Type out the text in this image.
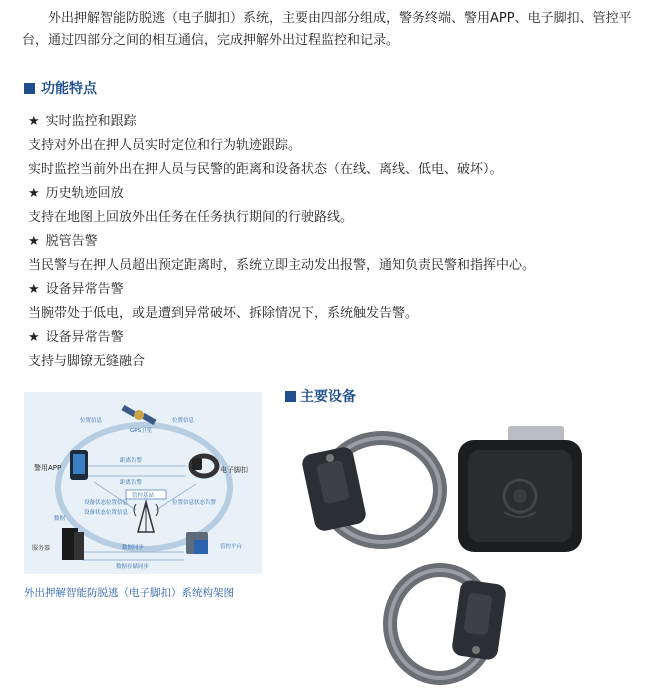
外出押解智能防脱逃（电子脚扣）系统，主要由四部分组成，警务终端、警用APP、电子脚扣、管控平台，通过四部分之间的相互通信，完成押解外出过程监控和记录。

功能特点
★ 实时监控和跟踪
支持对外出在押人员实时定位和行为轨迹跟踪。
实时监控当前外出在押人员与民警的距离和设备状态（在线、离线、低电、破坏）。
★ 历史轨迹回放
支持在地图上回放外出任务在任务执行期间的行驶路线。
★ 脱管告警
当民警与在押人员超出预定距离时，系统立即主动发出报警，通知负责民警和指挥中心。
★ 设备异常告警
当腕带处于低电，或是遭到异常破坏、拆除情况下，系统触发告警。
★ 设备异常告警
支持与脚镣无缝融合
GPS卫星
位置信息	位置信息
警用APP	电子脚扣
距离告警
距离告警
管控基站
设备状态位置信息
设备状态位置信息
位置信息状态告警
服务器
数据
管控平台
数据同步
数据存储同步
外出押解智能防脱逃（电子脚扣）系统构架图
主要设备
